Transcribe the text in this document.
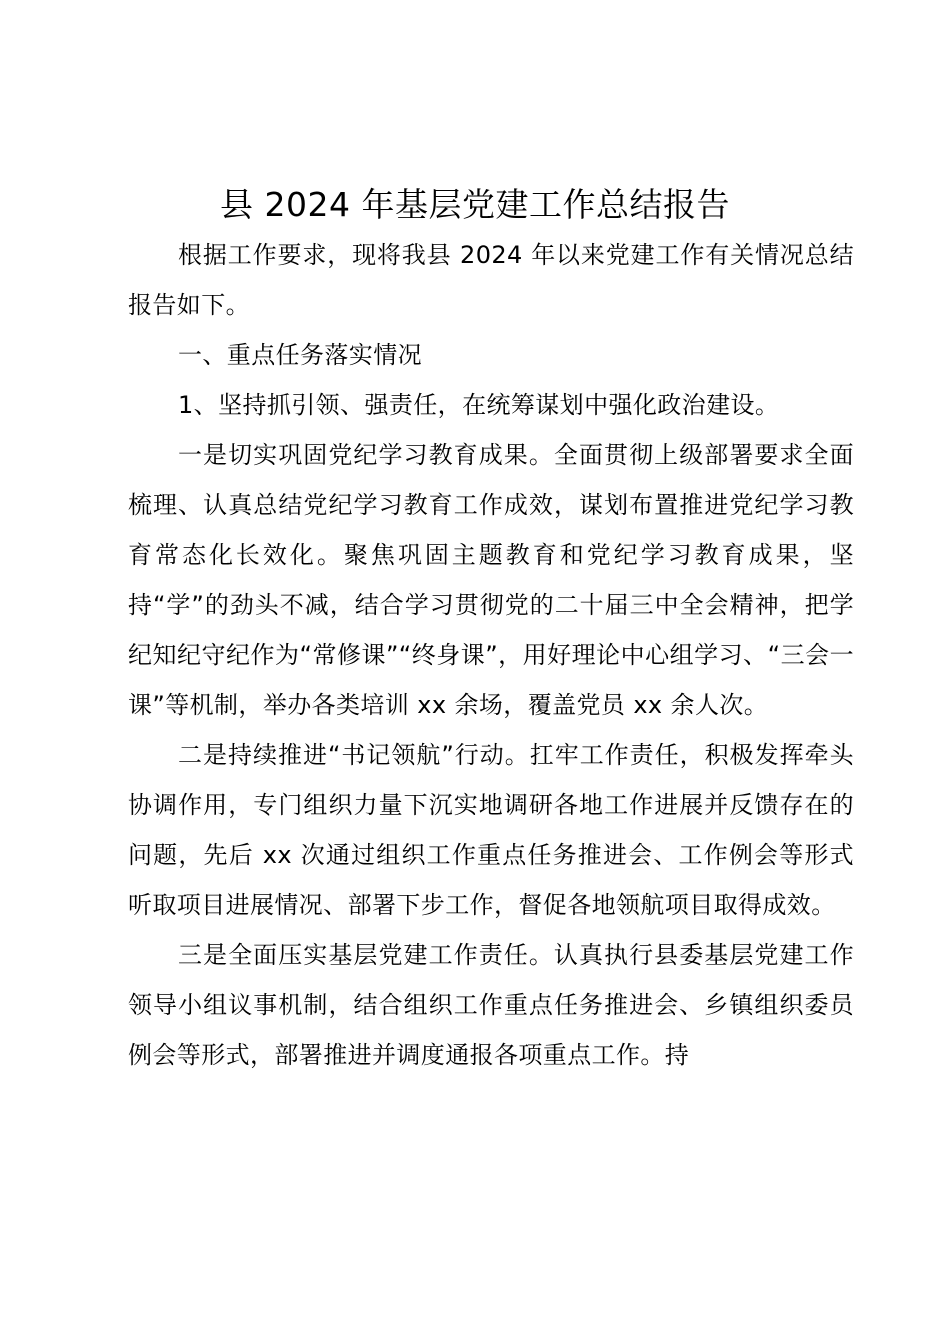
县 2024 年基层党建工作总结报告

根据工作要求，现将我县 2024 年以来党建工作有关情况总结报告如下。

一、重点任务落实情况

1、坚持抓引领、强责任，在统筹谋划中强化政治建设。

一是切实巩固党纪学习教育成果。全面贯彻上级部署要求全面梳理、认真总结党纪学习教育工作成效，谋划布置推进党纪学习教育常态化长效化。聚焦巩固主题教育和党纪学习教育成果，坚持“学”的劲头不减，结合学习贯彻党的二十届三中全会精神，把学纪知纪守纪作为“常修课”“终身课”，用好理论中心组学习、“三会一课”等机制，举办各类培训 xx 余场，覆盖党员 xx 余人次。

二是持续推进“书记领航”行动。扛牢工作责任，积极发挥牵头协调作用，专门组织力量下沉实地调研各地工作进展并反馈存在的问题，先后 xx 次通过组织工作重点任务推进会、工作例会等形式听取项目进展情况、部署下步工作，督促各地领航项目取得成效。

三是全面压实基层党建工作责任。认真执行县委基层党建工作领导小组议事机制，结合组织工作重点任务推进会、乡镇组织委员例会等形式，部署推进并调度通报各项重点工作。持
